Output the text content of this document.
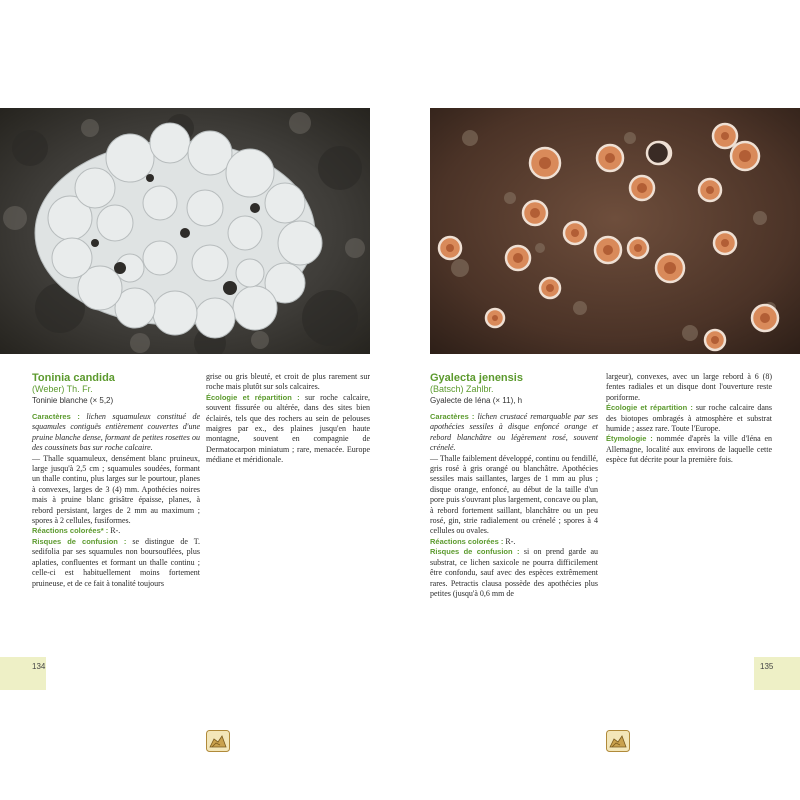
Toninia candida
(Weber) Th. Fr.
Toninie blanche (× 5,2)

Caractères : lichen squamuleux constitué de squamules contiguës entièrement couvertes d'une pruine blanche dense, formant de petites rosettes ou des coussinets bas sur roche calcaire.

— Thalle squamuleux, densément blanc pruineux, large jusqu'à 2,5 cm ; squamules soudées, formant un thalle continu, plus larges sur le pourtour, planes à convexes, larges de 3 (4) mm. Apothécies noires mais à pruine blanc grisâtre épaisse, planes, à rebord persistant, larges de 2 mm au maximum ; spores à 2 cellules, fusiformes.

Réactions colorées* : R-.

Risques de confusion : se distingue de T. sedifolia par ses squamules non boursouflées, plus aplaties, confluentes et formant un thalle continu ; celle-ci est habituellement moins fortement pruineuse, et de ce fait à tonalité toujours

grise ou gris bleuté, et croit de plus rarement sur roche mais plutôt sur sols calcaires.

Écologie et répartition : sur roche calcaire, souvent fissurée ou altérée, dans des sites bien éclairés, tels que des rochers au sein de pelouses maigres par ex., des plaines jusqu'en haute montagne, souvent en compagnie de Dermatocarpon miniatum ; rare, menacée. Europe médiane et méridionale.

134
Gyalecta jenensis
(Batsch) Zahlbr.
Gyalecte de Iéna (× 11), h

Caractères : lichen crustacé remarquable par ses apothécies sessiles à disque enfoncé orange et rebord blanchâtre ou légèrement rosé, souvent crénelé.

— Thalle faiblement développé, continu ou fendillé, gris rosé à gris orangé ou blanchâtre. Apothécies sessiles mais saillantes, larges de 1 mm au plus ; disque orange, enfoncé, au début de la taille d'un pore puis s'ouvrant plus largement, concave ou plan, à rebord fortement saillant, blanchâtre ou un peu rosé, gin, strie radialement ou crénelé ; spores à 4 cellules ou ovales.

Réactions colorées : R-.

Risques de confusion : si on prend garde au substrat, ce lichen saxicole ne pourra difficilement être confondu, sauf avec des espèces extrêmement rares. Petractis clausa possède des apothécies plus petites (jusqu'à 0,6 mm de

largeur), convexes, avec un large rebord à 6 (8) fentes radiales et un disque dont l'ouverture reste poriforme.

Écologie et répartition : sur roche calcaire dans des biotopes ombragés à atmosphère et substrat humide ; assez rare. Toute l'Europe.

Étymologie : nommée d'après la ville d'Iéna en Allemagne, localité aux environs de laquelle cette espèce fut décrite pour la première fois.

135
